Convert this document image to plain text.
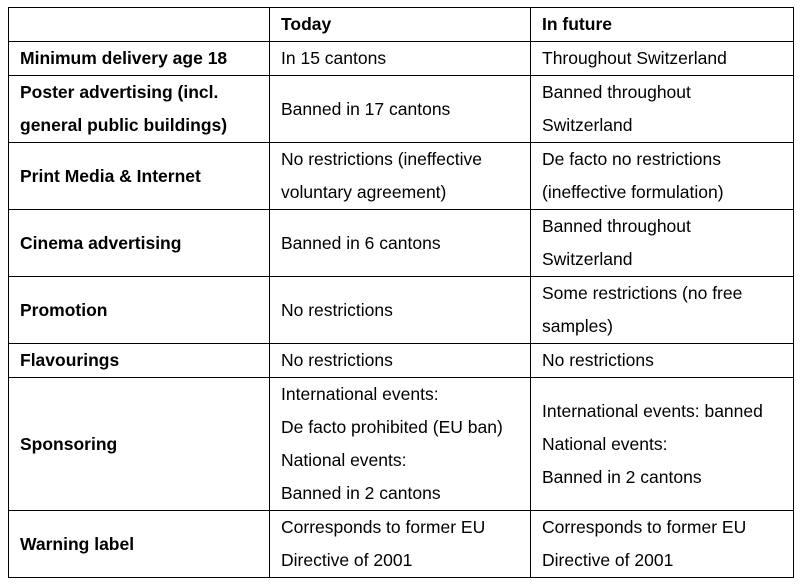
	Today	In future

Minimum delivery age 18	In 15 cantons	Throughout Switzerland

Poster advertising (incl.
general public buildings)	Banned in 17 cantons	Banned throughout
Switzerland

Print Media & Internet	No restrictions (ineffective
voluntary agreement)	De facto no restrictions
(ineffective formulation)

Cinema advertising	Banned in 6 cantons	Banned throughout
Switzerland

Promotion	No restrictions	Some restrictions (no free
samples)

Flavourings	No restrictions	No restrictions

Sponsoring	International events:
De facto prohibited (EU ban)
National events:
Banned in 2 cantons	International events: banned
National events:
Banned in 2 cantons

Warning label	Corresponds to former EU
Directive of 2001	Corresponds to former EU
Directive of 2001
